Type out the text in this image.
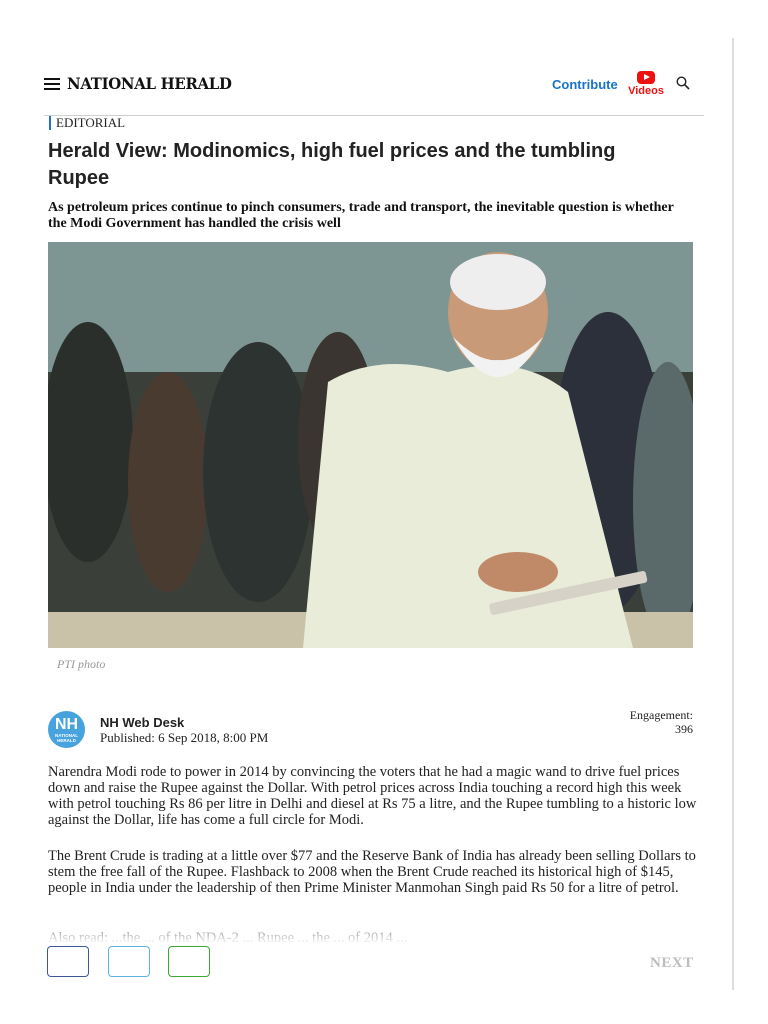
NATIONAL HERALD	Contribute Videos
EDITORIAL
Herald View: Modinomics, high fuel prices and the tumbling Rupee

As petroleum prices continue to pinch consumers, trade and transport, the inevitable question is whether the Modi Government has handled the crisis well

PTI photo
NH
NATIONAL HERALD
NH Web Desk
Published: 6 Sep 2018, 8:00 PM
Engagement:
396

Narendra Modi rode to power in 2014 by convincing the voters that he had a magic wand to drive fuel prices down and raise the Rupee against the Dollar. With petrol prices across India touching a record high this week with petrol touching Rs 86 per litre in Delhi and diesel at Rs 75 a litre, and the Rupee tumbling to a historic low against the Dollar, life has come a full circle for Modi.

The Brent Crude is trading at a little over $77 and the Reserve Bank of India has already been selling Dollars to stem the free fall of the Rupee. Flashback to 2008 when the Brent Crude reached its historical high of $145, people in India under the leadership of then Prime Minister Manmohan Singh paid Rs 50 for a litre of petrol.

NEXT
